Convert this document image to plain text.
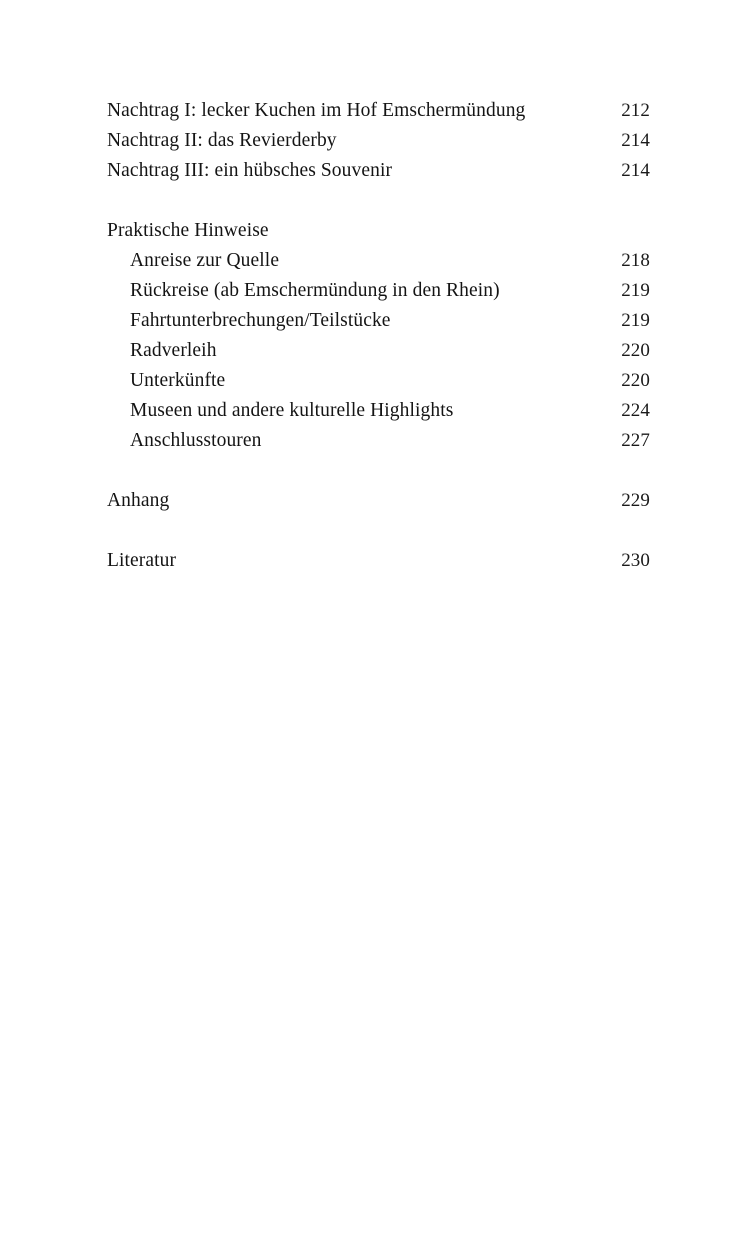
Nachtrag I: lecker Kuchen im Hof Emschermündung	212
Nachtrag II: das Revierderby	214
Nachtrag III: ein hübsches Souvenir	214
Praktische Hinweise
Anreise zur Quelle	218
Rückreise (ab Emschermündung in den Rhein)	219
Fahrtunterbrechungen/Teilstücke	219
Radverleih	220
Unterkünfte	220
Museen und andere kulturelle Highlights	224
Anschlusstouren	227
Anhang	229
Literatur	230
